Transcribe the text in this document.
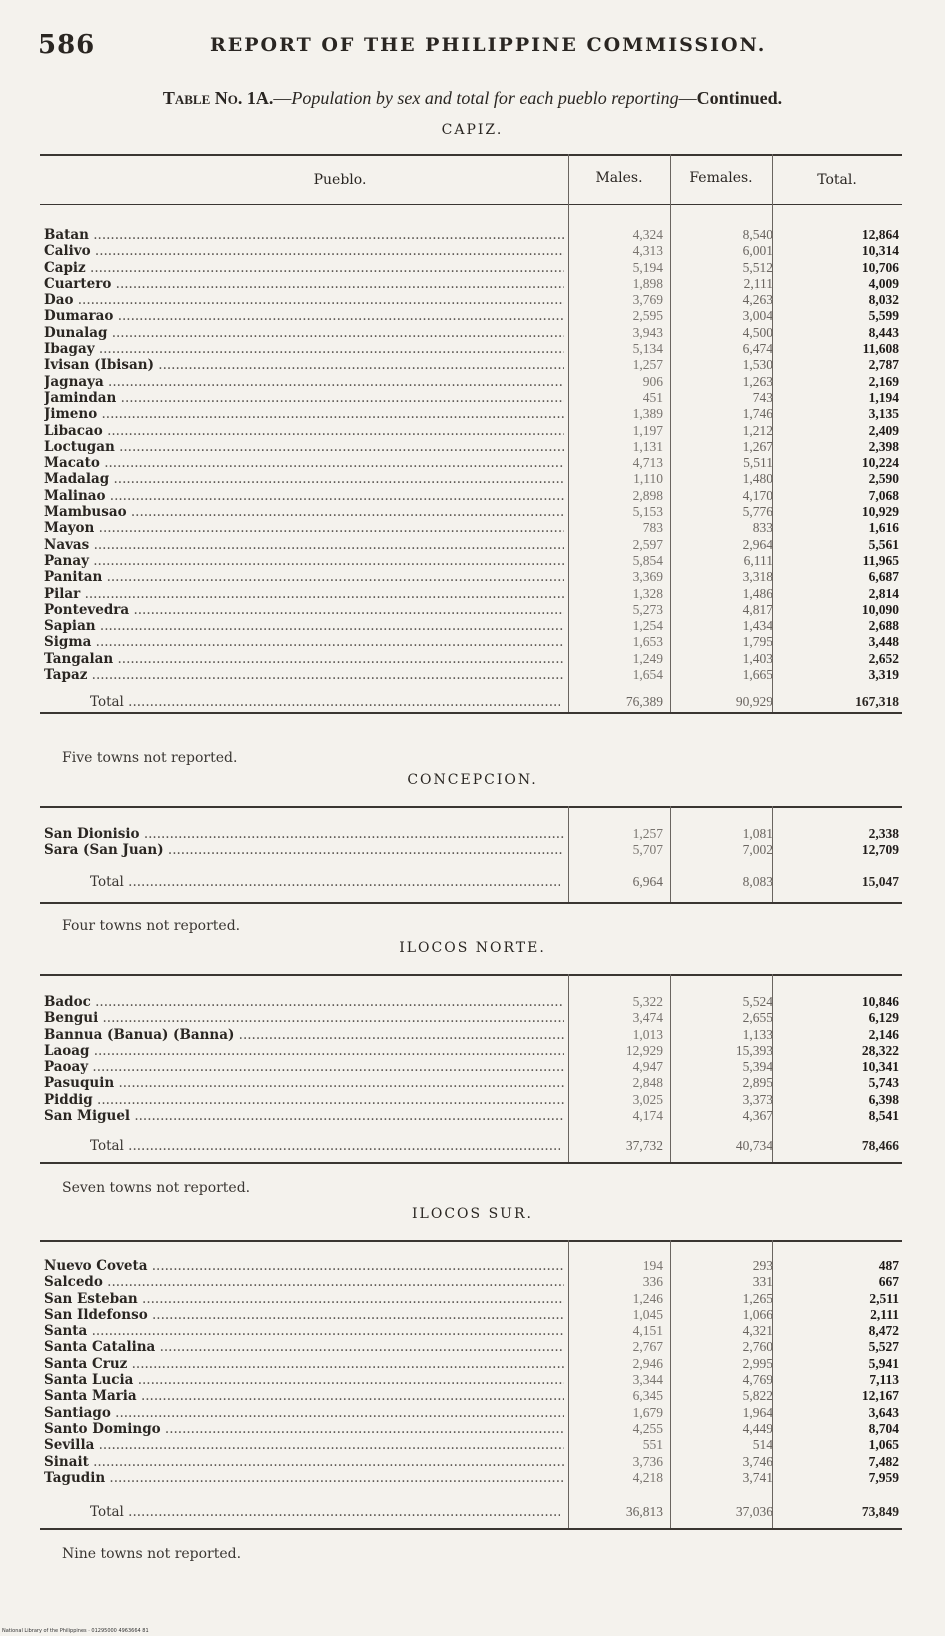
586	REPORT OF THE PHILIPPINE COMMISSION.
Table No. 1A.—Population by sex and total for each pueblo reporting—Continued.
CAPIZ.
Pueblo.	Males.	Females.	Total.
Batan .....	4,324	8,540	12,864
Calivo .....	4,313	6,001	10,314
Capiz .....	5,194	5,512	10,706
Cuartero .....	1,898	2,111	4,009
Dao .....	3,769	4,263	8,032
Dumarao .....	2,595	3,004	5,599
Dunalag .....	3,943	4,500	8,443
Ibagay .....	5,134	6,474	11,608
Ivisan (Ibisan) .....	1,257	1,530	2,787
Jagnaya .....	906	1,263	2,169
Jamindan .....	451	743	1,194
Jimeno .....	1,389	1,746	3,135
Libacao .....	1,197	1,212	2,409
Loctugan .....	1,131	1,267	2,398
Macato .....	4,713	5,511	10,224
Madalag .....	1,110	1,480	2,590
Malinao .....	2,898	4,170	7,068
Mambusao .....	5,153	5,776	10,929
Mayon .....	783	833	1,616
Navas .....	2,597	2,964	5,561
Panay .....	5,854	6,111	11,965
Panitan .....	3,369	3,318	6,687
Pilar .....	1,328	1,486	2,814
Pontevedra .....	5,273	4,817	10,090
Sapian .....	1,254	1,434	2,688
Sigma .....	1,653	1,795	3,448
Tangalan .....	1,249	1,403	2,652
Tapaz .....	1,654	1,665	3,319
Total .....	76,389	90,929	167,318
Five towns not reported.
CONCEPCION.
San Dionisio .....	1,257	1,081	2,338
Sara (San Juan) .....	5,707	7,002	12,709
Total .....	6,964	8,083	15,047
Four towns not reported.
ILOCOS NORTE.
Badoc .....	5,322	5,524	10,846
Bengui .....	3,474	2,655	6,129
Bannua (Banua) (Banna) .....	1,013	1,133	2,146
Laoag .....	12,929	15,393	28,322
Paoay .....	4,947	5,394	10,341
Pasuquin .....	2,848	2,895	5,743
Piddig .....	3,025	3,373	6,398
San Miguel .....	4,174	4,367	8,541
Total .....	37,732	40,734	78,466
Seven towns not reported.
ILOCOS SUR.
Nuevo Coveta .....	194	293	487
Salcedo .....	336	331	667
San Esteban .....	1,246	1,265	2,511
San Ildefonso .....	1,045	1,066	2,111
Santa .....	4,151	4,321	8,472
Santa Catalina .....	2,767	2,760	5,527
Santa Cruz .....	2,946	2,995	5,941
Santa Lucia .....	3,344	4,769	7,113
Santa Maria .....	6,345	5,822	12,167
Santiago .....	1,679	1,964	3,643
Santo Domingo .....	4,255	4,449	8,704
Sevilla .....	551	514	1,065
Sinait .....	3,736	3,746	7,482
Tagudin .....	4,218	3,741	7,959
Total .....	36,813	37,036	73,849
Nine towns not reported.
National Library of the Philippines · 01295000 4963664 81
